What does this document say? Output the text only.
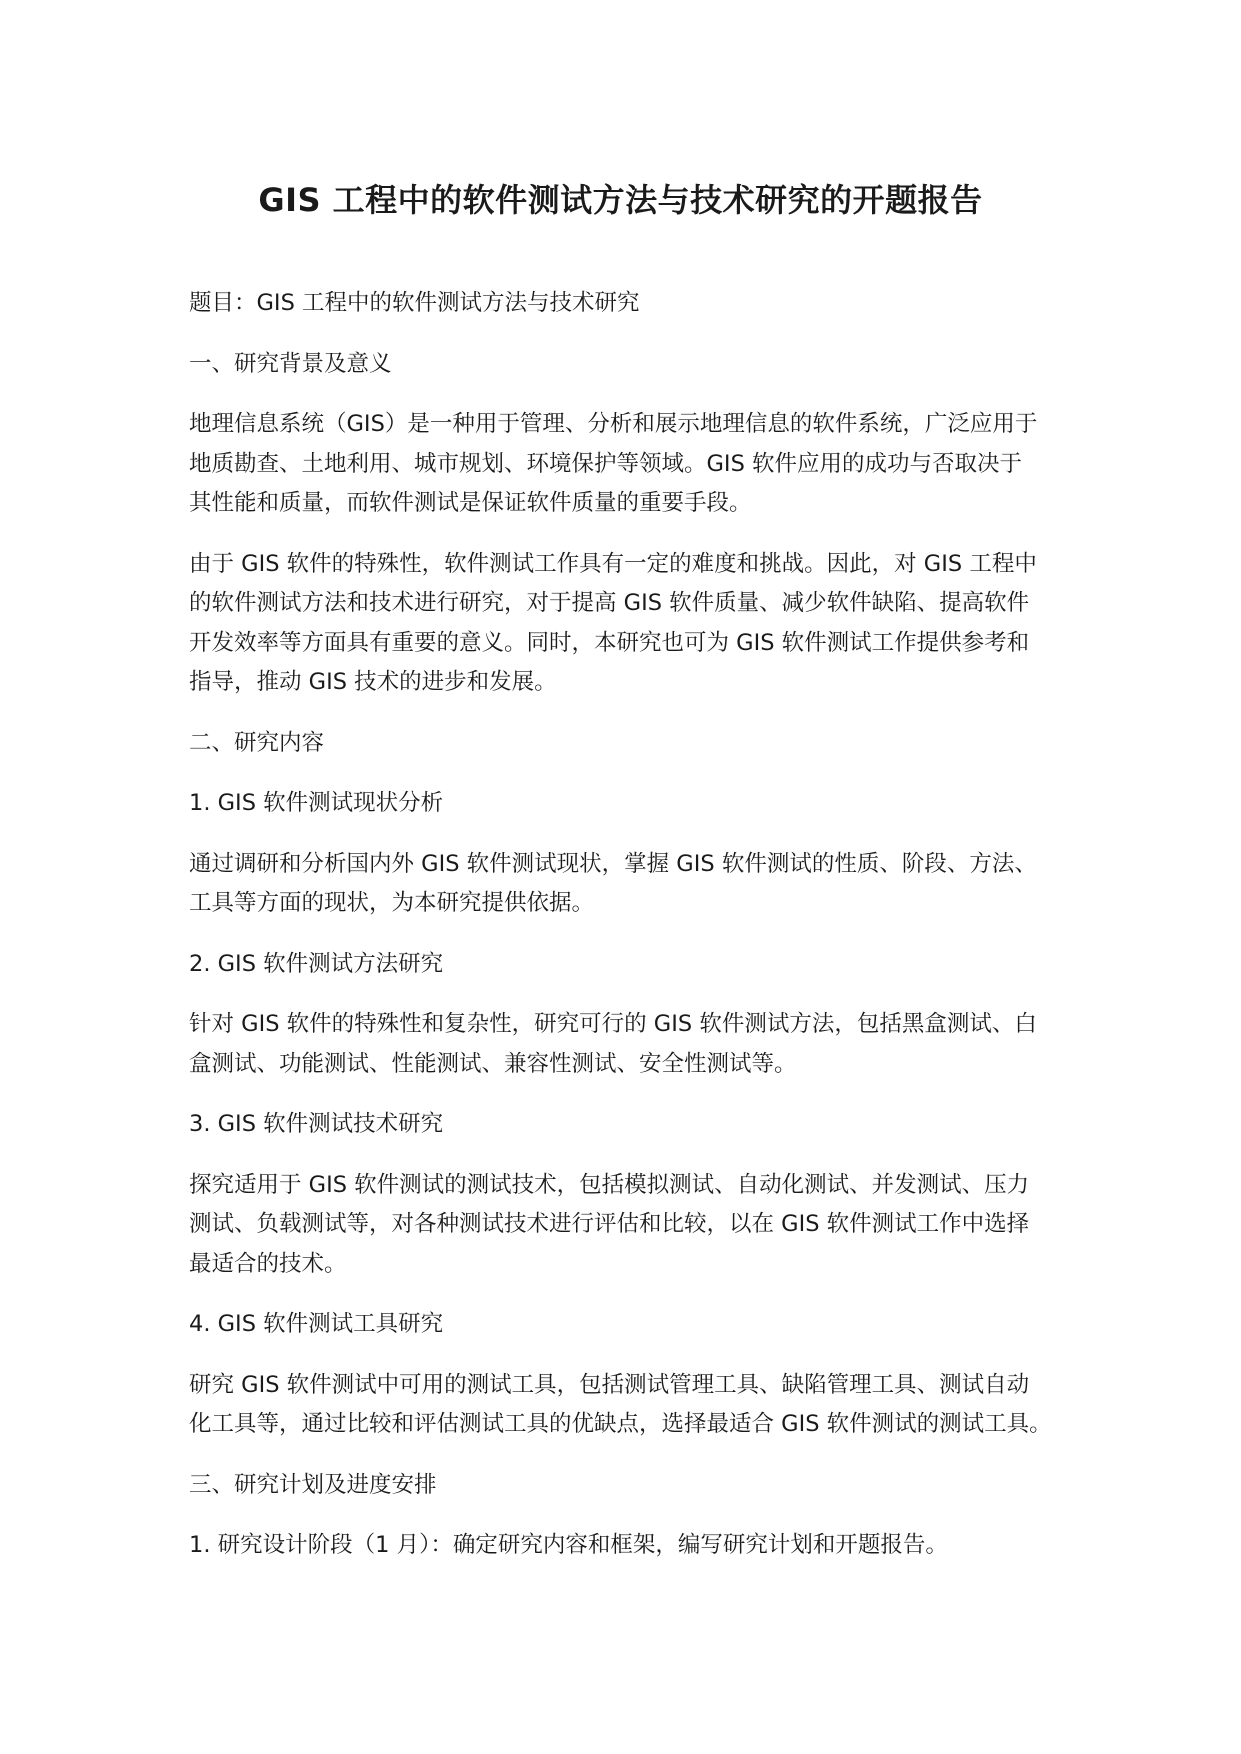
GIS 工程中的软件测试方法与技术研究的开题报告
题目：GIS 工程中的软件测试方法与技术研究
一、研究背景及意义
地理信息系统（GIS）是一种用于管理、分析和展示地理信息的软件系统，广泛应用于
地质勘查、土地利用、城市规划、环境保护等领域。GIS 软件应用的成功与否取决于
其性能和质量，而软件测试是保证软件质量的重要手段。
由于 GIS 软件的特殊性，软件测试工作具有一定的难度和挑战。因此，对 GIS 工程中
的软件测试方法和技术进行研究，对于提高 GIS 软件质量、减少软件缺陷、提高软件
开发效率等方面具有重要的意义。同时，本研究也可为 GIS 软件测试工作提供参考和
指导，推动 GIS 技术的进步和发展。
二、研究内容
1. GIS 软件测试现状分析
通过调研和分析国内外 GIS 软件测试现状，掌握 GIS 软件测试的性质、阶段、方法、
工具等方面的现状，为本研究提供依据。
2. GIS 软件测试方法研究
针对 GIS 软件的特殊性和复杂性，研究可行的 GIS 软件测试方法，包括黑盒测试、白
盒测试、功能测试、性能测试、兼容性测试、安全性测试等。
3. GIS 软件测试技术研究
探究适用于 GIS 软件测试的测试技术，包括模拟测试、自动化测试、并发测试、压力
测试、负载测试等，对各种测试技术进行评估和比较，以在 GIS 软件测试工作中选择
最适合的技术。
4. GIS 软件测试工具研究
研究 GIS 软件测试中可用的测试工具，包括测试管理工具、缺陷管理工具、测试自动
化工具等，通过比较和评估测试工具的优缺点，选择最适合 GIS 软件测试的测试工具。
三、研究计划及进度安排
1. 研究设计阶段（1 月）：确定研究内容和框架，编写研究计划和开题报告。
